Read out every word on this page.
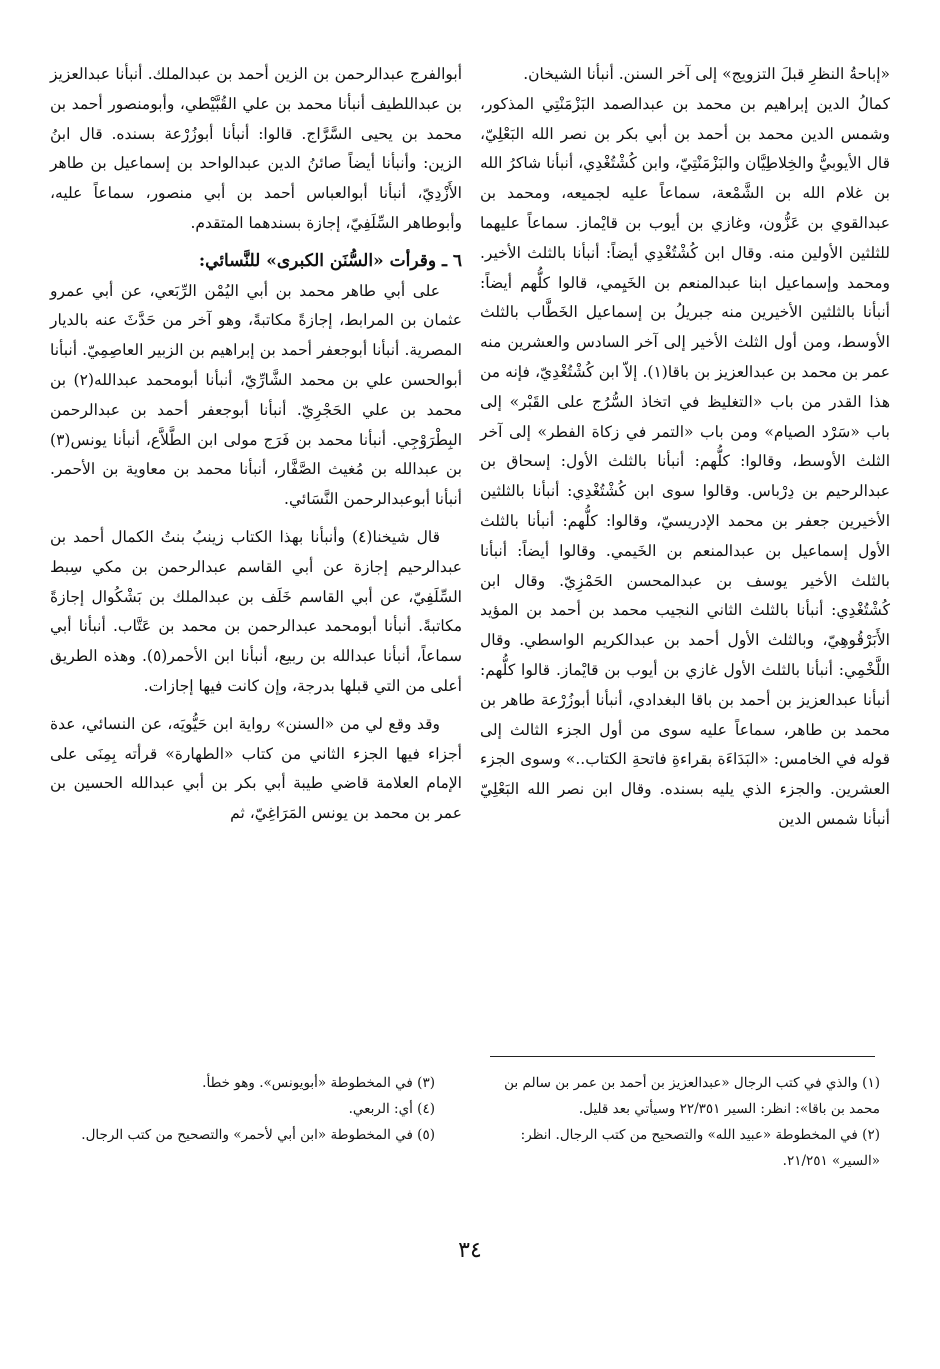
«إباحةُ النظرِ قبلَ التزويج» إلى آخر السنن. أنبأنا الشيخان.

كمالُ الدين إبراهيم بن محمد بن عبدالصمد البَزْمَنْتِي المذكور، وشمس الدين محمد بن أحمد بن أبي بكر بن نصر الله البَعْلِيّ، قال الأيوبيُّ والخِلاطِيَّان والبَزْمَنْتِيّ، وابن كُشْتُغْدِي، أنبأنا شاكرُ الله بن غلام الله بن الشَّمْعة، سماعاً عليه لجميعه، ومحمد بن عبدالقوي بن عَزُّون، وغازي بن أيوب بن قايْماز. سماعاً عليهما للثلثين الأولين منه. وقال ابن كُشْتُغْدِي أيضاً: أنبأنا بالثلث الأخير. ومحمد وإسماعيل ابنا عبدالمنعم بن الخَيِمي، قالوا كلُّهم أيضاً: أنبأنا بالثلثين الأخيرين منه جبريلُ بن إسماعيل الخَطَّاب بالثلث الأوسط، ومن أول الثلث الأخير إلى آخر السادس والعشرين منه عمر بن محمد بن عبدالعزيز بن باقا(١). إلاّ ابن كُشْتُغْدِيّ، فإنه من هذا القدر من باب «التغليظ في اتخاذ السُّرُج على القَبْر» إلى باب «سَرْد الصيام» ومن باب «التمر في زكاة الفطر» إلى آخر الثلث الأوسط، وقالوا: كلُّهم: أنبأنا بالثلث الأول: إسحاق بن عبدالرحيم بن دِرْباس. وقالوا سوى ابن كُشْتُغْدِي: أنبأنا بالثلثين الأخيرين جعفر بن محمد الإدريسيّ، وقالوا: كلُّهم: أنبأنا بالثلث الأول إسماعيل بن عبدالمنعم بن الخَيمي. وقالوا أيضاً: أنبأنا بالثلث الأخير يوسف بن عبدالمحسن الحَمْزِيّ. وقال ابن كُشْتُغْدِي: أنبأنا بالثلث الثاني النجيب محمد بن أحمد بن المؤيد الأَبَرْقُوهِيّ، وبالثلث الأول أحمد بن عبدالكريم الواسطي. وقال اللَّخْمِي: أنبأنا بالثلث الأول غازي بن أيوب بن قايْماز. قالوا كلُّهم: أنبأنا عبدالعزيز بن أحمد بن باقا البغدادي، أنبأنا أبوزُرْعة طاهر بن محمد بن طاهر، سماعاً عليه سوى من أول الجزء الثالث إلى قوله في الخامس: «البَدَاءَة بقراءةِ فاتحةِ الكتاب..» وسوى الجزء العشرين. والجزء الذي يليه بسنده. وقال ابن نصر الله البَعْلِيّ أنبأنا شمس الدين

أبوالفرج عبدالرحمن بن الزين أحمد بن عبدالملك. أنبأنا عبدالعزيز بن عبداللطيف أنبأنا محمد بن علي القُبَّيْطي، وأبومنصور أحمد بن محمد بن يحيى السَّرَّاج. قالوا: أنبأنا أبوزُرْعة بسنده. قال ابنُ الزين: وأنبأنا أيضاً صائنُ الدين عبدالواحد بن إسماعيل بن طاهر الأَزْدِيّ، أنبأنا أبوالعباس أحمد بن أبي منصور، سماعاً عليه، وأبوطاهر السِّلَفِيّ، إجازة بسندهما المتقدم.

٦ ـ وقرأت «السُّنَن الكبرى» للنَّسائي:

على أبي طاهر محمد بن أبي اليُمْن الرِّبَعي، عن أبي عمرو عثمان بن المرابط، إجازةً مكاتبةً، وهو آخر من حَدَّثَ عنه بالديار المصرية. أنبأنا أبوجعفر أحمد بن إبراهيم بن الزبير العاصِمِيّ. أنبأنا أبوالحسن علي بن محمد الشَّارِّيّ، أنبأنا أبومحمد عبدالله(٢) بن محمد بن علي الحَجْرِيّ. أنبأنا أبوجعفر أحمد بن عبدالرحمن البِطْرَوْجِي. أنبأنا محمد بن فَرَج مولى ابن الطَّلاَّع، أنبأنا يونس(٣) بن عبدالله بن مُغيث الصَّفَّار، أنبأنا محمد بن معاوية بن الأحمر. أنبأنا أبوعبدالرحمن النَّسَائي.

قال شيخنا(٤) وأنبأنا بهذا الكتاب زينبُ بنتُ الكمال أحمد بن عبدالرحيم إجازة عن أبي القاسم عبدالرحمن بن مكي سِبط السِّلَفِيّ، عن أبي القاسم خَلَف بن عبدالملك بن بَشْكُوال إجازةً مكاتبةً. أنبأنا أبومحمد عبدالرحمن بن محمد بن عَتَّاب. أنبأنا أبي سماعاً، أنبأنا عبدالله بن ربيع، أنبأنا ابن الأحمر(٥). وهذه الطريق أعلى من التي قبلها بدرجة، وإن كانت فيها إجازات.

وقد وقع لي من «السنن» رواية ابن حَيُّويَه، عن النسائي، عدة أجزاء فيها الجزء الثاني من كتاب «الطهارة» قرأته بِمِنَى على الإمام العلامة قاضي طيبة أبي بكر بن أبي عبدالله الحسين بن عمر بن محمد بن يونس المَرَاغِيّ، ثم

(١) والذي في كتب الرجال «عبدالعزيز بن أحمد بن عمر بن سالم بن محمد بن باقا»: انظر: السير ٢٢/٣٥١ وسيأتي بعد قليل.

(٢) في المخطوطة «عبيد الله» والتصحيح من كتب الرجال. انظر: «السير» ٢١/٢٥١.

(٣) في المخطوطة «أبويونس». وهو خطأ.

(٤) أي: الربعي.

(٥) في المخطوطة «ابن أبي لأحمر» والتصحيح من كتب الرجال.

٣٤
